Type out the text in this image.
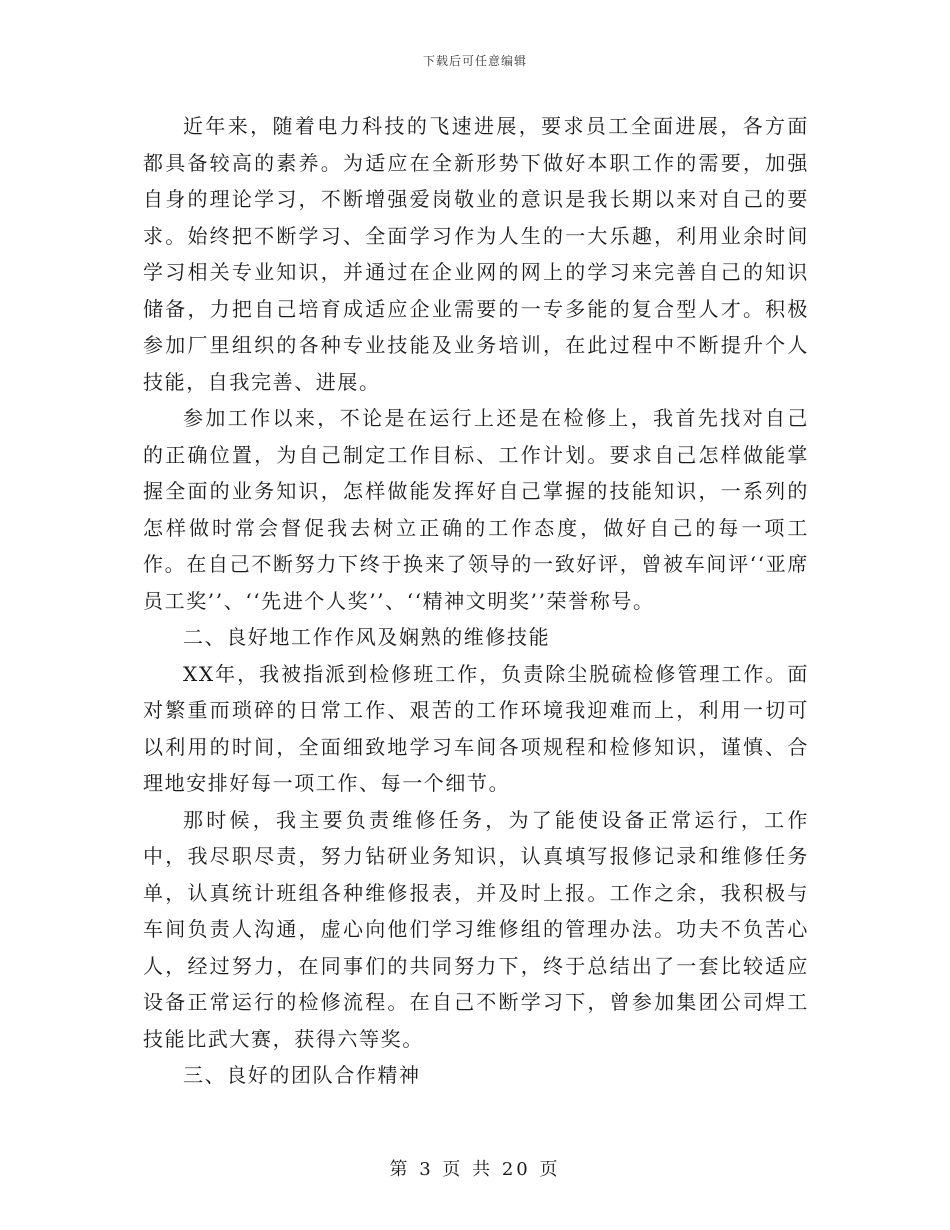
下载后可任意编辑

近年来，随着电力科技的飞速进展，要求员工全面进展，各方面都具备较高的素养。为适应在全新形势下做好本职工作的需要，加强自身的理论学习，不断增强爱岗敬业的意识是我长期以来对自己的要求。始终把不断学习、全面学习作为人生的一大乐趣，利用业余时间学习相关专业知识，并通过在企业网的网上的学习来完善自己的知识储备，力把自己培育成适应企业需要的一专多能的复合型人才。积极参加厂里组织的各种专业技能及业务培训，在此过程中不断提升个人技能，自我完善、进展。

参加工作以来，不论是在运行上还是在检修上，我首先找对自己的正确位置，为自己制定工作目标、工作计划。要求自己怎样做能掌握全面的业务知识，怎样做能发挥好自己掌握的技能知识，一系列的怎样做时常会督促我去树立正确的工作态度，做好自己的每一项工作。在自己不断努力下终于换来了领导的一致好评，曾被车间评‘‘亚席员工奖’’、‘‘先进个人奖’’、‘‘精神文明奖’’荣誉称号。

二、良好地工作作风及娴熟的维修技能

XX年，我被指派到检修班工作，负责除尘脱硫检修管理工作。面对繁重而琐碎的日常工作、艰苦的工作环境我迎难而上，利用一切可以利用的时间，全面细致地学习车间各项规程和检修知识，谨慎、合理地安排好每一项工作、每一个细节。

那时候，我主要负责维修任务，为了能使设备正常运行，工作中，我尽职尽责，努力钻研业务知识，认真填写报修记录和维修任务单，认真统计班组各种维修报表，并及时上报。工作之余，我积极与车间负责人沟通，虚心向他们学习维修组的管理办法。功夫不负苦心人，经过努力，在同事们的共同努力下，终于总结出了一套比较适应设备正常运行的检修流程。在自己不断学习下，曾参加集团公司焊工技能比武大赛，获得六等奖。

三、良好的团队合作精神

第 3 页 共 20 页
